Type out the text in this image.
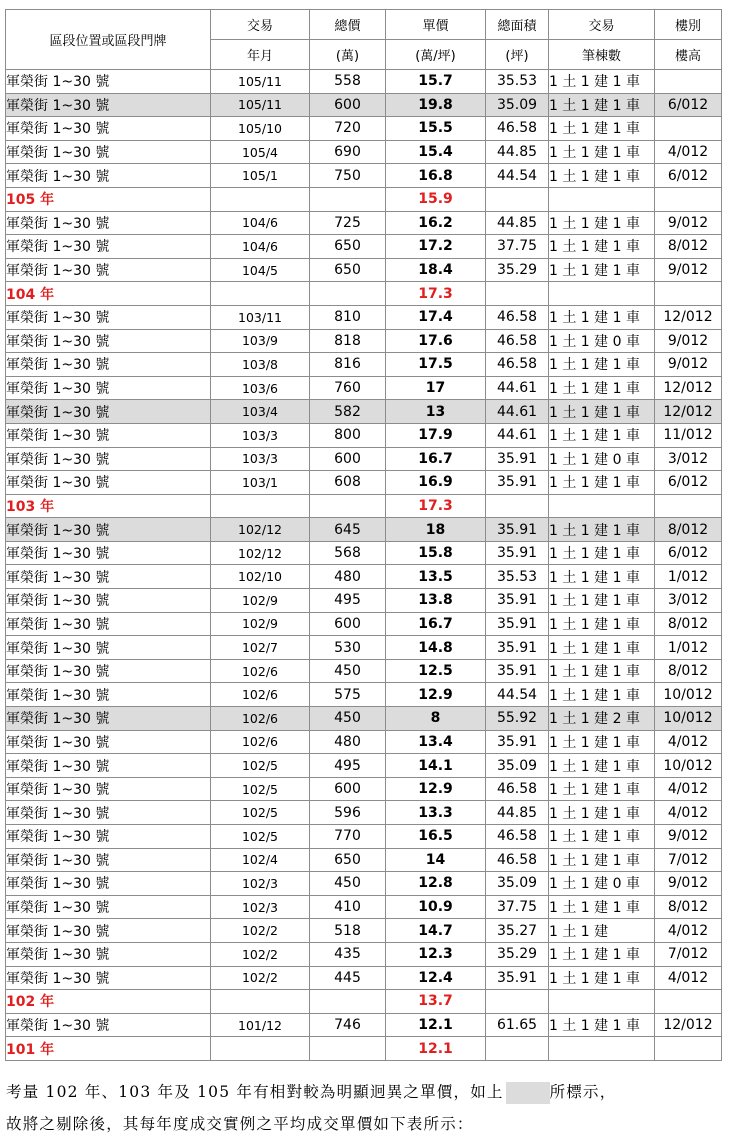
區段位置或區段門牌	交易	總價	單價	總面積	交易	樓別
	年月	(萬)	(萬/坪)	(坪)	筆棟數	樓高
軍榮街 1~30 號	105/11	558	15.7	35.53	1 土 1 建 1 車	
軍榮街 1~30 號	105/11	600	19.8	35.09	1 土 1 建 1 車	6/012
軍榮街 1~30 號	105/10	720	15.5	46.58	1 土 1 建 1 車	
軍榮街 1~30 號	105/4	690	15.4	44.85	1 土 1 建 1 車	4/012
軍榮街 1~30 號	105/1	750	16.8	44.54	1 土 1 建 1 車	6/012
105 年			15.9			
軍榮街 1~30 號	104/6	725	16.2	44.85	1 土 1 建 1 車	9/012
軍榮街 1~30 號	104/6	650	17.2	37.75	1 土 1 建 1 車	8/012
軍榮街 1~30 號	104/5	650	18.4	35.29	1 土 1 建 1 車	9/012
104 年			17.3			
軍榮街 1~30 號	103/11	810	17.4	46.58	1 土 1 建 1 車	12/012
軍榮街 1~30 號	103/9	818	17.6	46.58	1 土 1 建 0 車	9/012
軍榮街 1~30 號	103/8	816	17.5	46.58	1 土 1 建 1 車	9/012
軍榮街 1~30 號	103/6	760	17	44.61	1 土 1 建 1 車	12/012
軍榮街 1~30 號	103/4	582	13	44.61	1 土 1 建 1 車	12/012
軍榮街 1~30 號	103/3	800	17.9	44.61	1 土 1 建 1 車	11/012
軍榮街 1~30 號	103/3	600	16.7	35.91	1 土 1 建 0 車	3/012
軍榮街 1~30 號	103/1	608	16.9	35.91	1 土 1 建 1 車	6/012
103 年			17.3			
軍榮街 1~30 號	102/12	645	18	35.91	1 土 1 建 1 車	8/012
軍榮街 1~30 號	102/12	568	15.8	35.91	1 土 1 建 1 車	6/012
軍榮街 1~30 號	102/10	480	13.5	35.53	1 土 1 建 1 車	1/012
軍榮街 1~30 號	102/9	495	13.8	35.91	1 土 1 建 1 車	3/012
軍榮街 1~30 號	102/9	600	16.7	35.91	1 土 1 建 1 車	8/012
軍榮街 1~30 號	102/7	530	14.8	35.91	1 土 1 建 1 車	1/012
軍榮街 1~30 號	102/6	450	12.5	35.91	1 土 1 建 1 車	8/012
軍榮街 1~30 號	102/6	575	12.9	44.54	1 土 1 建 1 車	10/012
軍榮街 1~30 號	102/6	450	8	55.92	1 土 1 建 2 車	10/012
軍榮街 1~30 號	102/6	480	13.4	35.91	1 土 1 建 1 車	4/012
軍榮街 1~30 號	102/5	495	14.1	35.09	1 土 1 建 1 車	10/012
軍榮街 1~30 號	102/5	600	12.9	46.58	1 土 1 建 1 車	4/012
軍榮街 1~30 號	102/5	596	13.3	44.85	1 土 1 建 1 車	4/012
軍榮街 1~30 號	102/5	770	16.5	46.58	1 土 1 建 1 車	9/012
軍榮街 1~30 號	102/4	650	14	46.58	1 土 1 建 1 車	7/012
軍榮街 1~30 號	102/3	450	12.8	35.09	1 土 1 建 0 車	9/012
軍榮街 1~30 號	102/3	410	10.9	37.75	1 土 1 建 1 車	8/012
軍榮街 1~30 號	102/2	518	14.7	35.27	1 土 1 建	4/012
軍榮街 1~30 號	102/2	435	12.3	35.29	1 土 1 建 1 車	7/012
軍榮街 1~30 號	102/2	445	12.4	35.91	1 土 1 建 1 車	4/012
102 年			13.7			
軍榮街 1~30 號	101/12	746	12.1	61.65	1 土 1 建 1 車	12/012
101 年			12.1			
考量 102 年、103 年及 105 年有相對較為明顯迥異之單價，如上	所標示，
故將之剔除後，其每年度成交實例之平均成交單價如下表所示：
